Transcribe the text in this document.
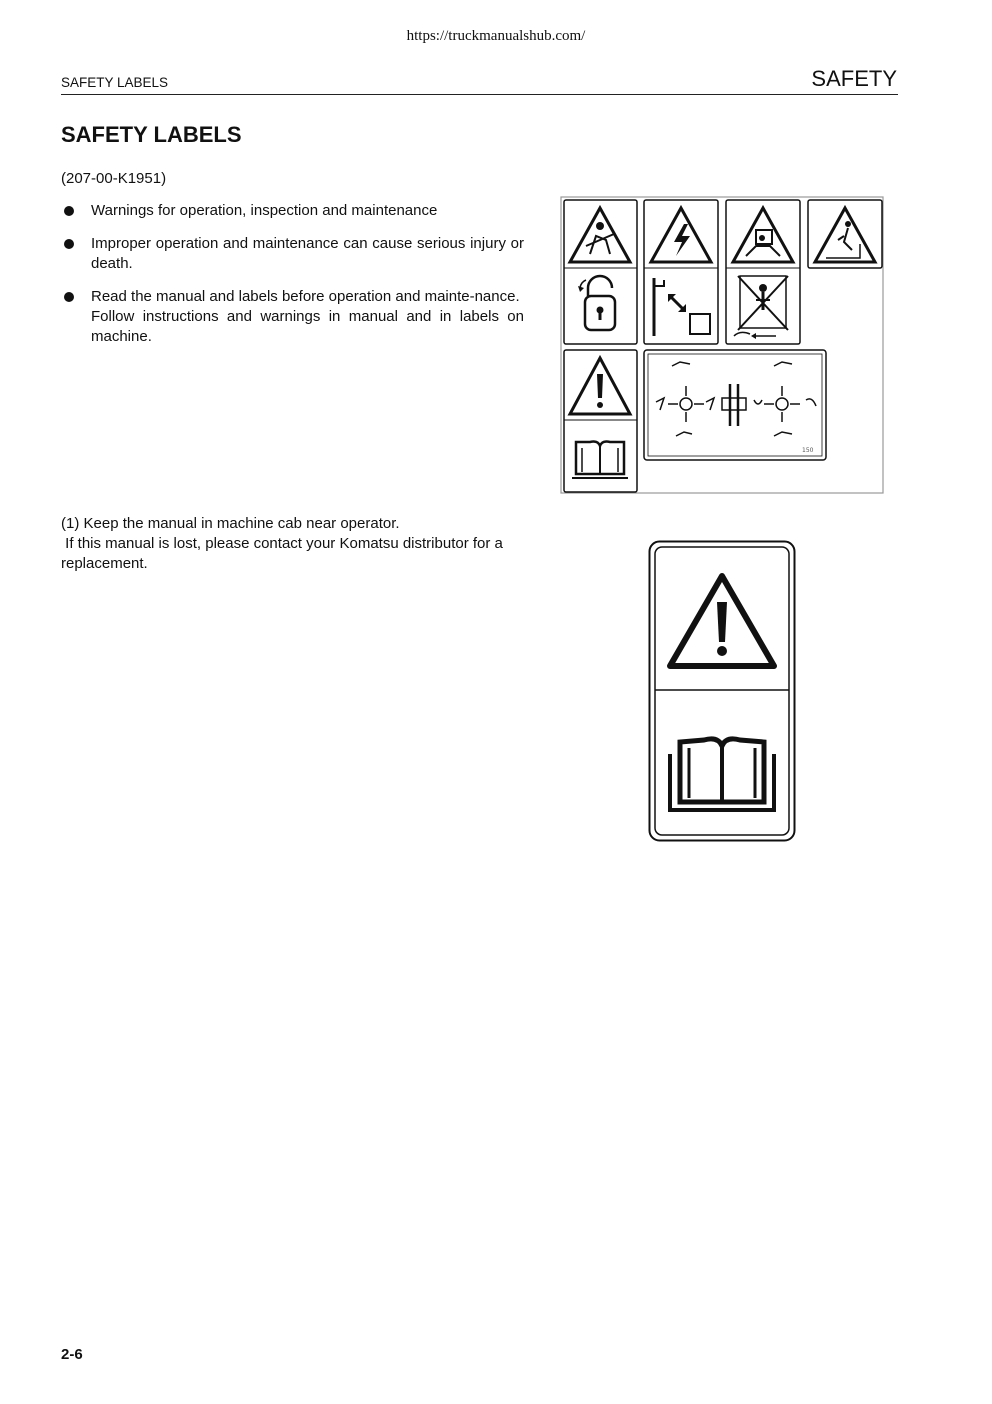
https://truckmanualshub.com/
SAFETY LABELS	SAFETY
SAFETY LABELS
(207-00-K1951)
Warnings for operation, inspection and maintenance
Improper operation and maintenance can cause serious injury or death.
Read the manual and labels before operation and mainte-nance.
Follow instructions and warnings in manual and in labels on machine.

(1) Keep the manual in machine cab near operator.

If this manual is lost, please contact your Komatsu distributor for a replacement.

150
2-6
